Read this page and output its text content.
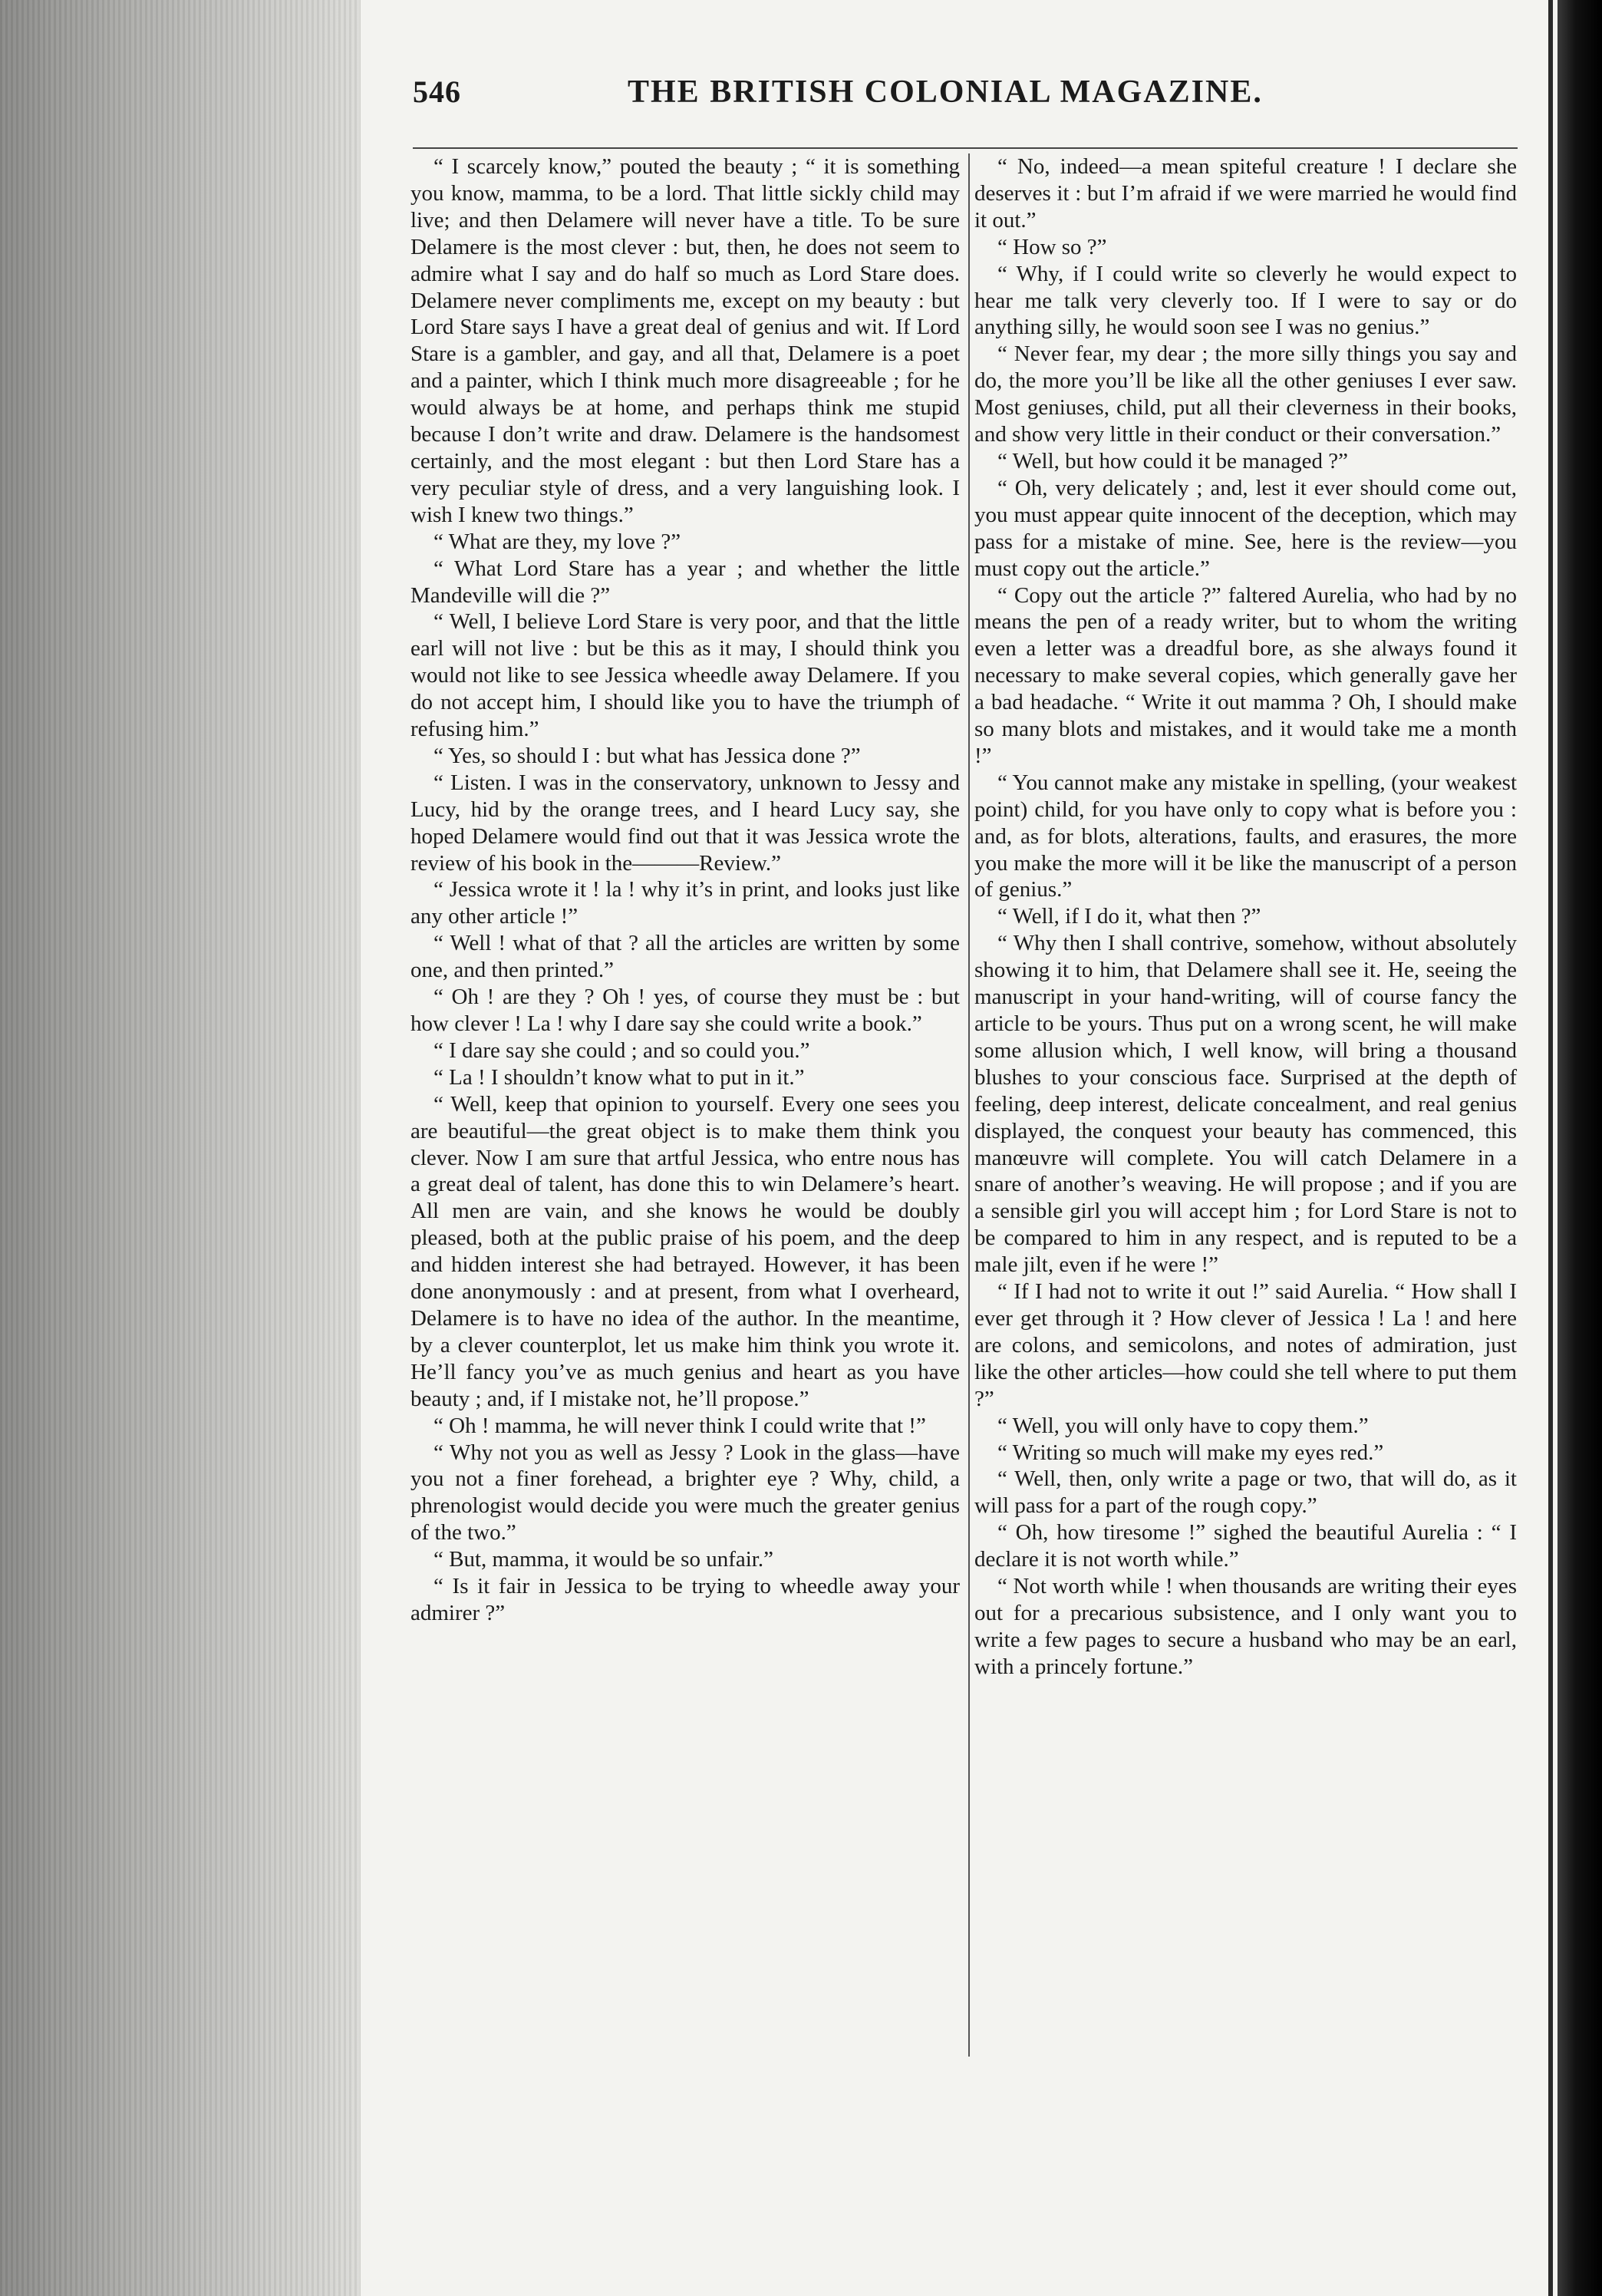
546	THE BRITISH COLONIAL MAGAZINE.

“ I scarcely know,” pouted the beauty ; “ it is something you know, mamma, to be a lord. That little sickly child may live; and then Delamere will never have a title. To be sure Delamere is the most clever : but, then, he does not seem to admire what I say and do half so much as Lord Stare does. Delamere never compliments me, except on my beauty : but Lord Stare says I have a great deal of genius and wit. If Lord Stare is a gambler, and gay, and all that, Delamere is a poet and a painter, which I think much more disagreeable ; for he would always be at home, and perhaps think me stupid because I don’t write and draw. Delamere is the handsomest certainly, and the most elegant : but then Lord Stare has a very peculiar style of dress, and a very languishing look. I wish I knew two things.”

“ What are they, my love ?”

“ What Lord Stare has a year ; and whether the little Mandeville will die ?”

“ Well, I believe Lord Stare is very poor, and that the little earl will not live : but be this as it may, I should think you would not like to see Jessica wheedle away Delamere. If you do not accept him, I should like you to have the triumph of refusing him.”

“ Yes, so should I : but what has Jessica done ?”

“ Listen. I was in the conservatory, unknown to Jessy and Lucy, hid by the orange trees, and I heard Lucy say, she hoped Delamere would find out that it was Jessica wrote the review of his book in the———Review.”

“ Jessica wrote it ! la ! why it’s in print, and looks just like any other article !”

“ Well ! what of that ? all the articles are written by some one, and then printed.”

“ Oh ! are they ? Oh ! yes, of course they must be : but how clever ! La ! why I dare say she could write a book.”

“ I dare say she could ; and so could you.”

“ La ! I shouldn’t know what to put in it.”

“ Well, keep that opinion to yourself. Every one sees you are beautiful—the great object is to make them think you clever. Now I am sure that artful Jessica, who entre nous has a great deal of talent, has done this to win Delamere’s heart. All men are vain, and she knows he would be doubly pleased, both at the public praise of his poem, and the deep and hidden interest she had betrayed. However, it has been done anonymously : and at present, from what I overheard, Delamere is to have no idea of the author. In the meantime, by a clever counterplot, let us make him think you wrote it. He’ll fancy you’ve as much genius and heart as you have beauty ; and, if I mistake not, he’ll propose.”

“ Oh ! mamma, he will never think I could write that !”

“ Why not you as well as Jessy ? Look in the glass—have you not a finer forehead, a brighter eye ? Why, child, a phrenologist would decide you were much the greater genius of the two.”

“ But, mamma, it would be so unfair.”

“ Is it fair in Jessica to be trying to wheedle away your admirer ?”

“ No, indeed—a mean spiteful creature ! I declare she deserves it : but I’m afraid if we were married he would find it out.”

“ How so ?”

“ Why, if I could write so cleverly he would expect to hear me talk very cleverly too. If I were to say or do anything silly, he would soon see I was no genius.”

“ Never fear, my dear ; the more silly things you say and do, the more you’ll be like all the other geniuses I ever saw. Most geniuses, child, put all their cleverness in their books, and show very little in their conduct or their conversation.”

“ Well, but how could it be managed ?”

“ Oh, very delicately ; and, lest it ever should come out, you must appear quite innocent of the deception, which may pass for a mistake of mine. See, here is the review—you must copy out the article.”

“ Copy out the article ?” faltered Aurelia, who had by no means the pen of a ready writer, but to whom the writing even a letter was a dreadful bore, as she always found it necessary to make several copies, which generally gave her a bad headache. “ Write it out mamma ? Oh, I should make so many blots and mistakes, and it would take me a month !”

“ You cannot make any mistake in spelling, (your weakest point) child, for you have only to copy what is before you : and, as for blots, alterations, faults, and erasures, the more you make the more will it be like the manuscript of a person of genius.”

“ Well, if I do it, what then ?”

“ Why then I shall contrive, somehow, without absolutely showing it to him, that Delamere shall see it. He, seeing the manuscript in your hand-writing, will of course fancy the article to be yours. Thus put on a wrong scent, he will make some allusion which, I well know, will bring a thousand blushes to your conscious face. Surprised at the depth of feeling, deep interest, delicate concealment, and real genius displayed, the conquest your beauty has commenced, this manœuvre will complete. You will catch Delamere in a snare of another’s weaving. He will propose ; and if you are a sensible girl you will accept him ; for Lord Stare is not to be compared to him in any respect, and is reputed to be a male jilt, even if he were !”

“ If I had not to write it out !” said Aurelia. “ How shall I ever get through it ? How clever of Jessica ! La ! and here are colons, and semicolons, and notes of admiration, just like the other articles—how could she tell where to put them ?”

“ Well, you will only have to copy them.”

“ Writing so much will make my eyes red.”

“ Well, then, only write a page or two, that will do, as it will pass for a part of the rough copy.”

“ Oh, how tiresome !” sighed the beautiful Aurelia : “ I declare it is not worth while.”

“ Not worth while ! when thousands are writing their eyes out for a precarious subsistence, and I only want you to write a few pages to secure a husband who may be an earl, with a princely fortune.”
